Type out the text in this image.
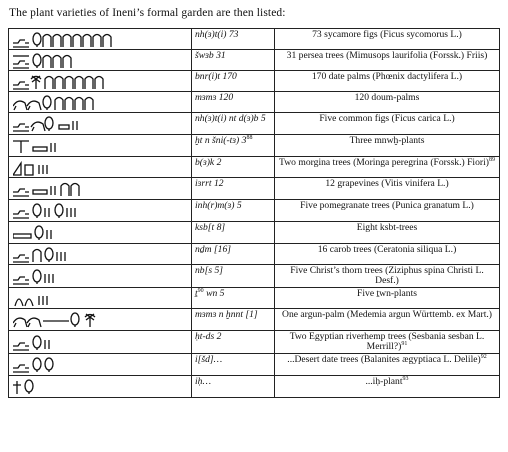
The plant varieties of Ineni’s formal garden are then listed:
	nh(ɜ)t(i) 73	73 sycamore figs (Ficus sycomorus L.)

	šwɜb 31	31 persea trees (Mimusops laurifolia (Forssk.) Friis)

	bnr(i)t 170	170 date palms (Phœnix dactylifera L.)

	mɜmɜ 120	120 doum-palms

	nh(ɜ)t(i) nt d(ɜ)b 5	Five common figs (Ficus carica L.)

	ḫt n šni(-tɜ) $3^{88}$	Three mnwḫ-plants

	b(ɜ)k 2	Two morgina trees (Moringa peregrina (Forssk.) Fiori)$^{89}$

	iɜrrt 12	12 grapevines (Vitis vinifera L.)

	inh(r)m(ɜ) 5	Five pomegranate trees (Punica granatum L.)

	ksb[t 8]	Eight ksbt-trees

	nḏm [16]	16 carob trees (Ceratonia siliqua L.)

	nb[s 5]	Five Christ’s thorn trees (Ziziphus spina Christi L. Desf.)

	ṯ$^{90}$ wn 5	Five ṯwn-plants

	mɜmɜ n ḫnnt [1]	One argun-palm (Medemia argun Württemb. ex Mart.)

	ḥt-ds 2	Two Egyptian riverhemp trees (Sesbania sesban L. Merrill?)$^{91}$

	i[šd]…	...Desert date trees (Balanites ægyptiaca L. Delile)$^{92}$

	iḥ…	...iḥ-plant$^{93}$
